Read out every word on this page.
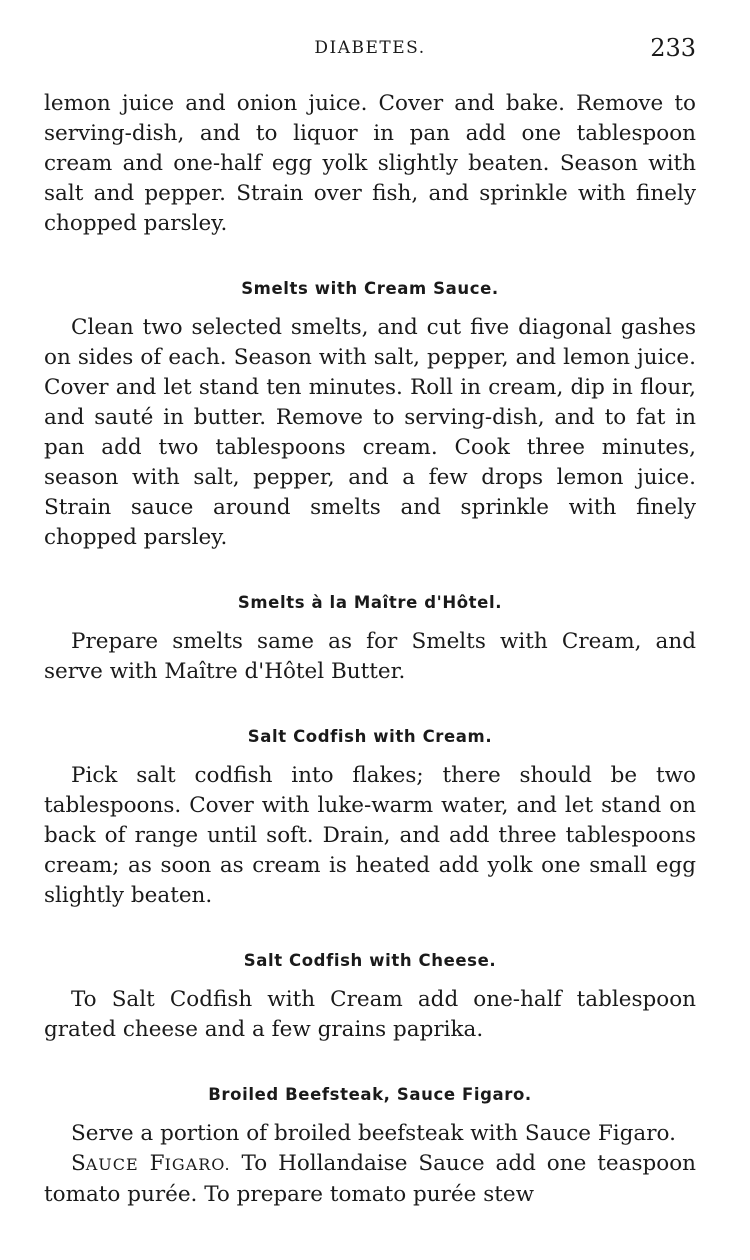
DIABETES.	233

lemon juice and onion juice. Cover and bake. Remove to serving-dish, and to liquor in pan add one tablespoon cream and one-half egg yolk slightly beaten. Season with salt and pepper. Strain over fish, and sprinkle with finely chopped parsley.

Smelts with Cream Sauce.

Clean two selected smelts, and cut five diagonal gashes on sides of each. Season with salt, pepper, and lemon juice. Cover and let stand ten minutes. Roll in cream, dip in flour, and sauté in butter. Remove to serving-dish, and to fat in pan add two tablespoons cream. Cook three minutes, season with salt, pepper, and a few drops lemon juice. Strain sauce around smelts and sprinkle with finely chopped parsley.

Smelts à la Maître d'Hôtel.

Prepare smelts same as for Smelts with Cream, and serve with Maître d'Hôtel Butter.

Salt Codfish with Cream.

Pick salt codfish into flakes; there should be two tablespoons. Cover with luke-warm water, and let stand on back of range until soft. Drain, and add three tablespoons cream; as soon as cream is heated add yolk one small egg slightly beaten.

Salt Codfish with Cheese.

To Salt Codfish with Cream add one-half tablespoon grated cheese and a few grains paprika.

Broiled Beefsteak, Sauce Figaro.

Serve a portion of broiled beefsteak with Sauce Figaro.

SAUCE FIGARO. To Hollandaise Sauce add one teaspoon tomato purée. To prepare tomato purée stew
